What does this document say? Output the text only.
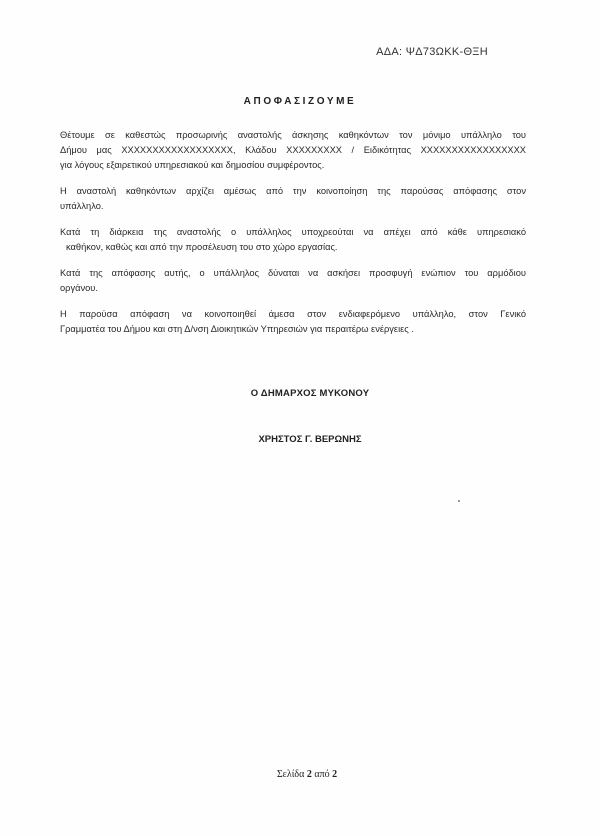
ΑΔΑ: ΨΔ73ΩΚΚ-ΘΞΗ
ΑΠΟΦΑΣΙΖΟΥΜΕ

Θέτουμε σε καθεστώς προσωρινής αναστολής άσκησης καθηκόντων τον μόνιμο υπάλληλο του
Δήμου μας XXXXXXXXXXXXXXXXXX, Κλάδου XXXXXXXXX / Ειδικότητας XXXXXXXXXXXXXXXXX
για λόγους εξαιρετικού υπηρεσιακού και δημοσίου συμφέροντος.

Η αναστολή καθηκόντων αρχίζει αμέσως από την κοινοποίηση της παρούσας απόφασης στον
υπάλληλο.

Κατά τη διάρκεια της αναστολής ο υπάλληλος υποχρεούται να απέχει από κάθε υπηρεσιακό
καθήκον, καθώς και από την προσέλευση του στο χώρο εργασίας.

Κατά της απόφασης αυτής, ο υπάλληλος δύναται να ασκήσει προσφυγή ενώπιον του αρμόδιου
οργάνου.

Η παρούσα απόφαση να κοινοποιηθεί άμεσα στον ενδιαφερόμενο υπάλληλο, στον Γενικό
Γραμματέα του Δήμου και στη Δ/νση Διοικητικών Υπηρεσιών για περαιτέρω ενέργειες .

Ο ΔΗΜΑΡΧΟΣ ΜΥΚΟΝΟΥ
ΧΡΗΣΤΟΣ Γ. ΒΕΡΩΝΗΣ
Σελίδα 2 από 2
